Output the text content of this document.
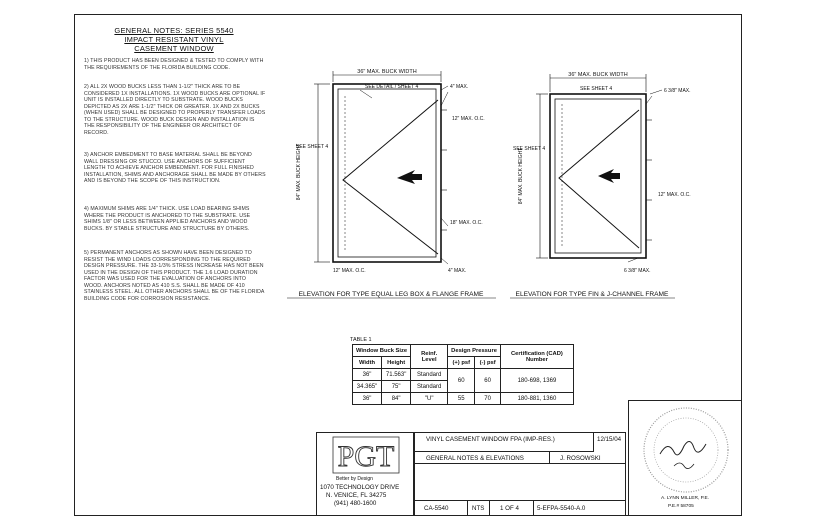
GENERAL NOTES: SERIES 5540
IMPACT RESISTANT VINYL
CASEMENT WINDOW
1) THIS PRODUCT HAS BEEN DESIGNED & TESTED TO COMPLY WITH THE REQUIREMENTS OF THE FLORIDA BUILDING CODE.
2) ALL 2X WOOD BUCKS LESS THAN 1-1/2" THICK ARE TO BE CONSIDERED 1X INSTALLATIONS. 1X WOOD BUCKS ARE OPTIONAL IF UNIT IS INSTALLED DIRECTLY TO SUBSTRATE. WOOD BUCKS DEPICTED AS 2X ARE 1-1/2" THICK OR GREATER. 1X AND 2X BUCKS (WHEN USED) SHALL BE DESIGNED TO PROPERLY TRANSFER LOADS TO THE STRUCTURE. WOOD BUCK DESIGN AND INSTALLATION IS THE RESPONSIBILITY OF THE ENGINEER OR ARCHITECT OF RECORD.
3) ANCHOR EMBEDMENT TO BASE MATERIAL SHALL BE BEYOND WALL DRESSING OR STUCCO. USE ANCHORS OF SUFFICIENT LENGTH TO ACHIEVE ANCHOR EMBEDMENT. FOR FULL FINISHED INSTALLATION, SHIMS AND ANCHORAGE SHALL BE MADE BY OTHERS AND IS BEYOND THE SCOPE OF THIS INSTRUCTION.
4) MAXIMUM SHIMS ARE 1/4" THICK. USE LOAD BEARING SHIMS WHERE THE PRODUCT IS ANCHORED TO THE SUBSTRATE. USE SHIMS 1/8" OR LESS BETWEEN APPLIED ANCHORS AND WOOD BUCKS. BY STABLE STRUCTURE AND STRUCTURE BY OTHERS.
5) PERMANENT ANCHORS AS SHOWN HAVE BEEN DESIGNED TO RESIST THE WIND LOADS CORRESPONDING TO THE REQUIRED DESIGN PRESSURE. THE 33-1/3% STRESS INCREASE HAS NOT BEEN USED IN THE DESIGN OF THIS PRODUCT. THE 1.6 LOAD DURATION FACTOR WAS USED FOR THE EVALUATION OF ANCHORS INTO WOOD. ANCHORS NOTED AS 410 S.S. SHALL BE MADE OF 410 STAINLESS STEEL. ALL OTHER ANCHORS SHALL BE OF THE FLORIDA BUILDING CODE FOR CORROSION RESISTANCE.
36" MAX. BUCK WIDTH
SEE DETAIL / SHEET 4	4" MAX.
SEE SHEET 4
84" MAX. BUCK HEIGHT
12" MAX. O.C.
18" MAX. O.C.
12" MAX. O.C.	4" MAX.
36" MAX. BUCK WIDTH
SEE SHEET 4	6 3/8" MAX.
SEE SHEET 4
84" MAX. BUCK HEIGHT	12" MAX. O.C.
6 3/8" MAX.
ELEVATION FOR TYPE EQUAL LEG BOX & FLANGE FRAME	ELEVATION FOR TYPE FIN & J-CHANNEL FRAME
TABLE 1
Window Buck Size		Reinf. Level	Design Pressure		Certification (CAD) Number
Width	Height		(+) psf	(-) psf	
36"	71.563"	Standard	60	60	180-698, 1369
34.365"	75"	Standard			
36"	84"	"U"	55	70	180-881, 1360
PGT
Better by Design
1070 TECHNOLOGY DRIVE
N. VENICE, FL 34275
(941) 480-1600
VINYL CASEMENT WINDOW FPA (IMP-RES.)	12/15/04
GENERAL NOTES & ELEVATIONS	J. ROSOWSKI
CA-5540	NTS	1 OF 4	5-EFPA-5540-A.0
A. LYNN MILLER, P.E.
P.E.# 58705
